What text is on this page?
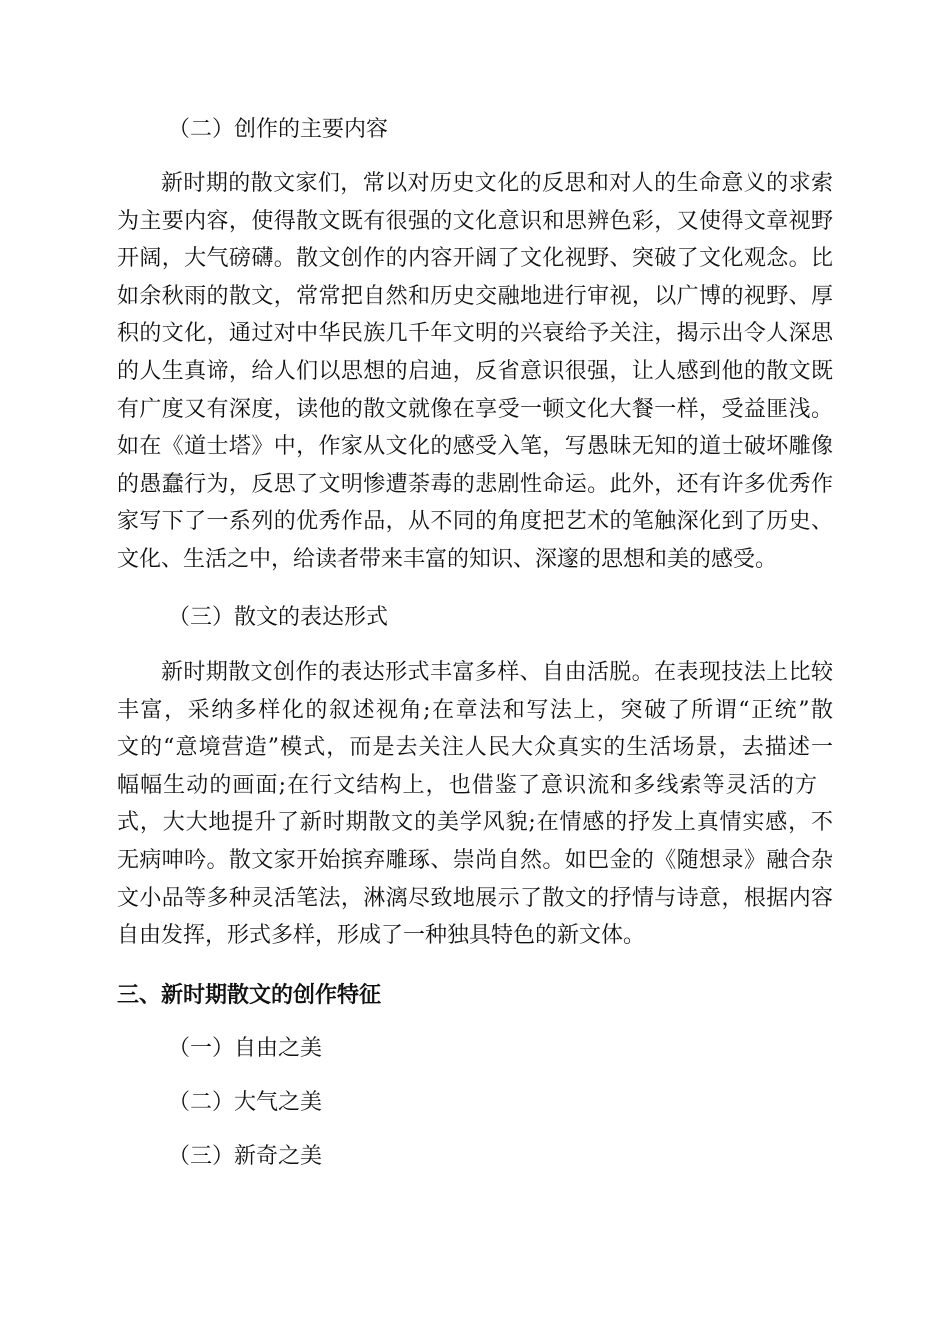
（二）创作的主要内容
新时期的散文家们，常以对历史文化的反思和对人的生命意义的求索
为主要内容，使得散文既有很强的文化意识和思辨色彩，又使得文章视野
开阔，大气磅礴。散文创作的内容开阔了文化视野、突破了文化观念。比
如余秋雨的散文，常常把自然和历史交融地进行审视，以广博的视野、厚
积的文化，通过对中华民族几千年文明的兴衰给予关注，揭示出令人深思
的人生真谛，给人们以思想的启迪，反省意识很强，让人感到他的散文既
有广度又有深度，读他的散文就像在享受一顿文化大餐一样，受益匪浅。
如在《道士塔》中，作家从文化的感受入笔，写愚昧无知的道士破坏雕像
的愚蠢行为，反思了文明惨遭荼毒的悲剧性命运。此外，还有许多优秀作
家写下了一系列的优秀作品，从不同的角度把艺术的笔触深化到了历史、
文化、生活之中，给读者带来丰富的知识、深邃的思想和美的感受。
（三）散文的表达形式
新时期散文创作的表达形式丰富多样、自由活脱。在表现技法上比较
丰富，采纳多样化的叙述视角;在章法和写法上，突破了所谓“正统”散
文的“意境营造”模式，而是去关注人民大众真实的生活场景，去描述一
幅幅生动的画面;在行文结构上，也借鉴了意识流和多线索等灵活的方
式，大大地提升了新时期散文的美学风貌;在情感的抒发上真情实感，不
无病呻吟。散文家开始摈弃雕琢、崇尚自然。如巴金的《随想录》融合杂
文小品等多种灵活笔法，淋漓尽致地展示了散文的抒情与诗意，根据内容
自由发挥，形式多样，形成了一种独具特色的新文体。
三、新时期散文的创作特征
（一）自由之美
（二）大气之美
（三）新奇之美
